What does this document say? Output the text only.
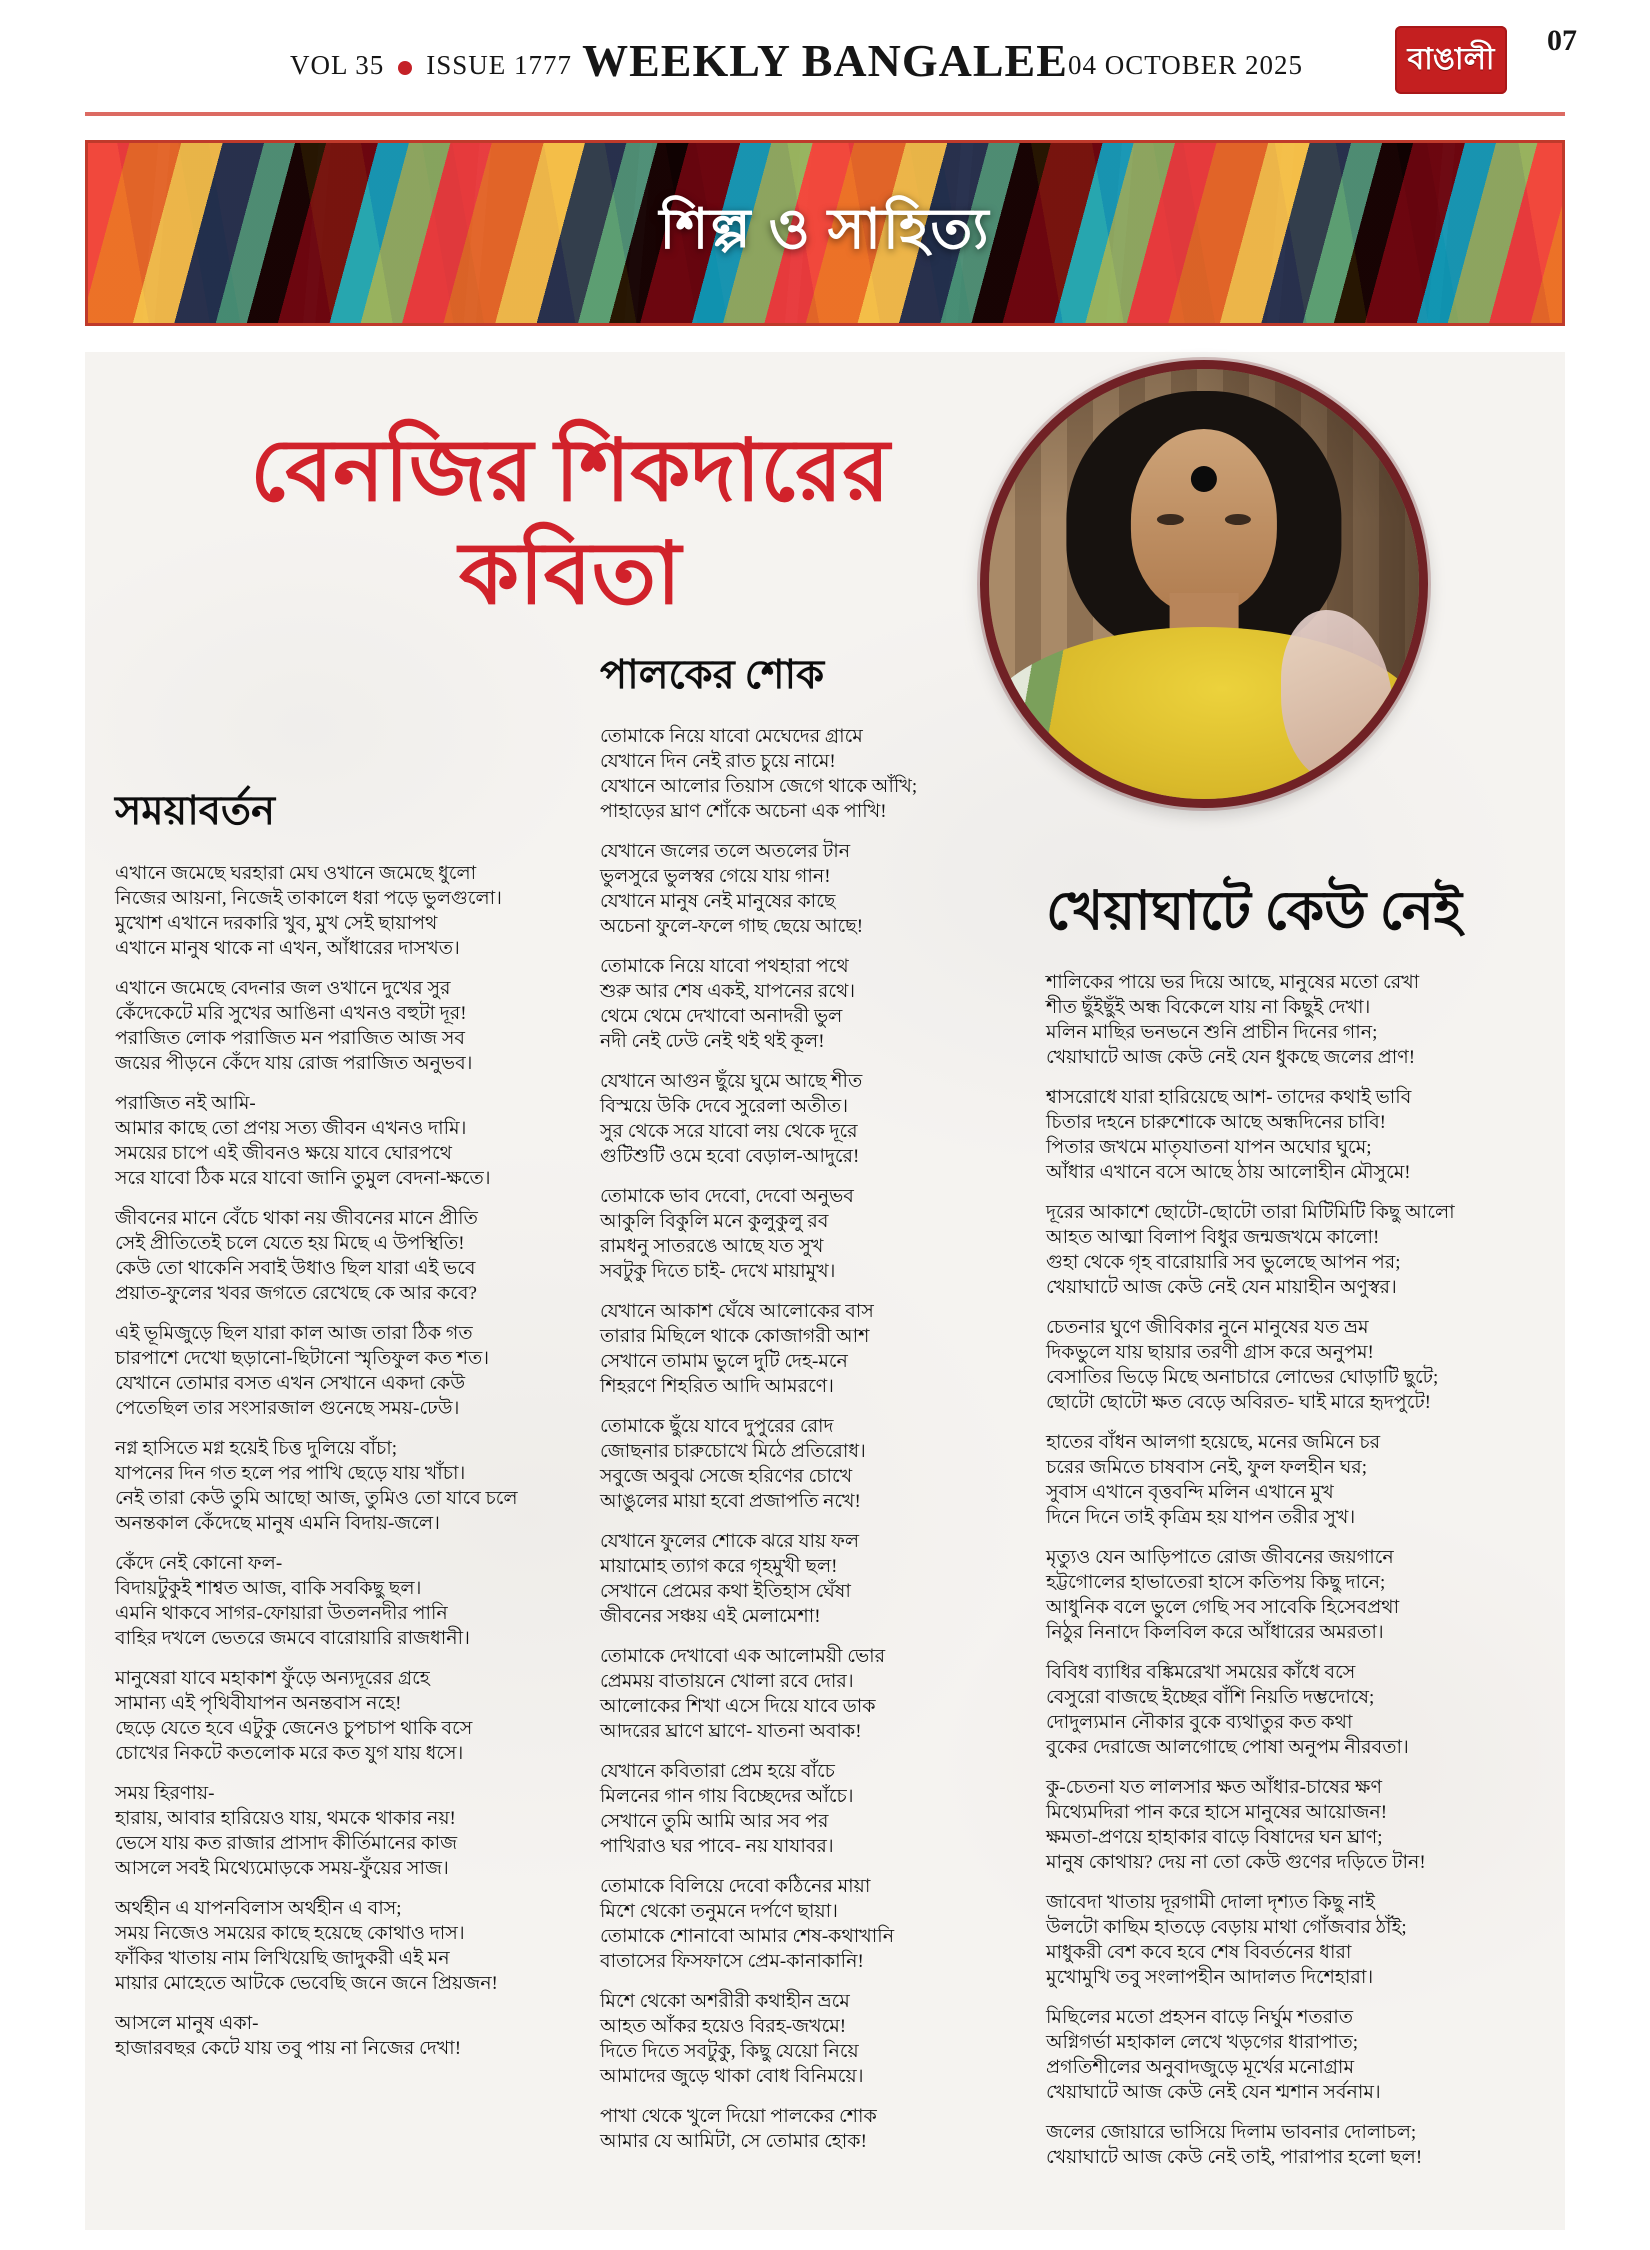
VOL 35 ISSUE 1777 WEEKLY BANGALEE 04 OCTOBER 2025	বাঙালী
07
শিল্প ও সাহিত্য
বেনজির শিকদারের কবিতা
সময়াবর্তন
এখানে জমেছে ঘরহারা মেঘ ওখানে জমেছে ধুলো
নিজের আয়না, নিজেই তাকালে ধরা পড়ে ভুলগুলো।
মুখোশ এখানে দরকারি খুব, মুখ সেই ছায়াপথ
এখানে মানুষ থাকে না এখন, আঁধারের দাসখত।
এখানে জমেছে বেদনার জল ওখানে দুখের সুর
কেঁদেকেটে মরি সুখের আঙিনা এখনও বহুটা দূর!
পরাজিত লোক পরাজিত মন পরাজিত আজ সব
জয়ের পীড়নে কেঁদে যায় রোজ পরাজিত অনুভব।
পরাজিত নই আমি-
আমার কাছে তো প্রণয় সত্য জীবন এখনও দামি।
সময়ের চাপে এই জীবনও ক্ষয়ে যাবে ঘোরপথে
সরে যাবো ঠিক মরে যাবো জানি তুমুল বেদনা-ক্ষতে।
জীবনের মানে বেঁচে থাকা নয় জীবনের মানে প্রীতি
সেই প্রীতিতেই চলে যেতে হয় মিছে এ উপস্থিতি!
কেউ তো থাকেনি সবাই উধাও ছিল যারা এই ভবে
প্রয়াত-ফুলের খবর জগতে রেখেছে কে আর কবে?
এই ভূমিজুড়ে ছিল যারা কাল আজ তারা ঠিক গত
চারপাশে দেখো ছড়ানো-ছিটানো স্মৃতিফুল কত শত।
যেখানে তোমার বসত এখন সেখানে একদা কেউ
পেতেছিল তার সংসারজাল গুনেছে সময়-ঢেউ।
নগ্ন হাসিতে মগ্ন হয়েই চিত্ত দুলিয়ে বাঁচা;
যাপনের দিন গত হলে পর পাখি ছেড়ে যায় খাঁচা।
নেই তারা কেউ তুমি আছো আজ, তুমিও তো যাবে চলে
অনন্তকাল কেঁদেছে মানুষ এমনি বিদায়-জলে।
কেঁদে নেই কোনো ফল-
বিদায়টুকুই শাশ্বত আজ, বাকি সবকিছু ছল।
এমনি থাকবে সাগর-ফোয়ারা উতলনদীর পানি
বাহির দখলে ভেতরে জমবে বারোয়ারি রাজধানী।
মানুষেরা যাবে মহাকাশ ফুঁড়ে অন্যদূরের গ্রহে
সামান্য এই পৃথিবীযাপন অনন্তবাস নহে!
ছেড়ে যেতে হবে এটুকু জেনেও চুপচাপ থাকি বসে
চোখের নিকটে কতলোক মরে কত যুগ যায় ধসে।
সময় হিরণায়-
হারায়, আবার হারিয়েও যায়, থমকে থাকার নয়!
ভেসে যায় কত রাজার প্রাসাদ কীর্তিমানের কাজ
আসলে সবই মিথ্যেমোড়কে সময়-ফুঁয়ের সাজ।
অর্থহীন এ যাপনবিলাস অর্থহীন এ বাস;
সময় নিজেও সময়ের কাছে হয়েছে কোথাও দাস।
ফাঁকির খাতায় নাম লিখিয়েছি জাদুকরী এই মন
মায়ার মোহেতে আটকে ভেবেছি জনে জনে প্রিয়জন!
আসলে মানুষ একা-
হাজারবছর কেটে যায় তবু পায় না নিজের দেখা!
পালকের শোক
তোমাকে নিয়ে যাবো মেঘেদের গ্রামে
যেখানে দিন নেই রাত চুয়ে নামে!
যেখানে আলোর তিয়াস জেগে থাকে আঁখি;
পাহাড়ের ঘ্রাণ শোঁকে অচেনা এক পাখি!
যেখানে জলের তলে অতলের টান
ভুলসুরে ভুলস্বর গেয়ে যায় গান!
যেখানে মানুষ নেই মানুষের কাছে
অচেনা ফুলে-ফলে গাছ ছেয়ে আছে!
তোমাকে নিয়ে যাবো পথহারা পথে
শুরু আর শেষ একই, যাপনের রথে।
থেমে থেমে দেখাবো অনাদরী ভুল
নদী নেই ঢেউ নেই থই থই কূল!
যেখানে আগুন ছুঁয়ে ঘুমে আছে শীত
বিস্ময়ে উকি দেবে সুরেলা অতীত।
সুর থেকে সরে যাবো লয় থেকে দূরে
গুটিশুটি ওমে হবো বেড়াল-আদুরে!
তোমাকে ভাব দেবো, দেবো অনুভব
আকুলি বিকুলি মনে কুলুকুলু রব
রামধনু সাতরঙে আছে যত সুখ
সবটুকু দিতে চাই- দেখে মায়ামুখ।
যেখানে আকাশ ঘেঁষে আলোকের বাস
তারার মিছিলে থাকে কোজাগরী আশ
সেখানে তামাম ভুলে দুটি দেহ-মনে
শিহরণে শিহরিত আদি আমরণে।
তোমাকে ছুঁয়ে যাবে দুপুরের রোদ
জোছনার চারুচোখে মিঠে প্রতিরোধ।
সবুজে অবুঝ সেজে হরিণের চোখে
আঙুলের মায়া হবো প্রজাপতি নখে!
যেখানে ফুলের শোকে ঝরে যায় ফল
মায়ামোহ ত্যাগ করে গৃহমুখী ছল!
সেখানে প্রেমের কথা ইতিহাস ঘেঁষা
জীবনের সঞ্চয় এই মেলামেশা!
তোমাকে দেখাবো এক আলোময়ী ভোর
প্রেমময় বাতায়নে খোলা রবে দোর।
আলোকের শিখা এসে দিয়ে যাবে ডাক
আদরের ঘ্রাণে ঘ্রাণে- যাতনা অবাক!
যেখানে কবিতারা প্রেম হয়ে বাঁচে
মিলনের গান গায় বিচ্ছেদের আঁচে।
সেখানে তুমি আমি আর সব পর
পাখিরাও ঘর পাবে- নয় যাযাবর।
তোমাকে বিলিয়ে দেবো কঠিনের মায়া
মিশে থেকো তনুমনে দর্পণে ছায়া।
তোমাকে শোনাবো আমার শেষ-কথাখানি
বাতাসের ফিসফাসে প্রেম-কানাকানি!
মিশে থেকো অশরীরী কথাহীন ভ্রমে
আহত আঁকর হয়েও বিরহ-জখমে!
দিতে দিতে সবটুকু, কিছু যেয়ো নিয়ে
আমাদের জুড়ে থাকা বোধ বিনিময়ে।
পাখা থেকে খুলে দিয়ো পালকের শোক
আমার যে আমিটা, সে তোমার হোক!
খেয়াঘাটে কেউ নেই
শালিকের পায়ে ভর দিয়ে আছে, মানুষের মতো রেখা
শীত ছুঁইছুঁই অন্ধ বিকেলে যায় না কিছুই দেখা।
মলিন মাছির ভনভনে শুনি প্রাচীন দিনের গান;
খেয়াঘাটে আজ কেউ নেই যেন ধুকছে জলের প্রাণ!
শ্বাসরোধে যারা হারিয়েছে আশ- তাদের কথাই ভাবি
চিতার দহনে চারুশোকে আছে অন্ধদিনের চাবি!
পিতার জখমে মাতৃযাতনা যাপন অঘোর ঘুমে;
আঁধার এখানে বসে আছে ঠায় আলোহীন মৌসুমে!
দূরের আকাশে ছোটো-ছোটো তারা মিটিমিটি কিছু আলো
আহত আত্মা বিলাপ বিধুর জন্মজখমে কালো!
গুহা থেকে গৃহ বারোয়ারি সব ভুলেছে আপন পর;
খেয়াঘাটে আজ কেউ নেই যেন মায়াহীন অণুস্বর।
চেতনার ঘুণে জীবিকার নুনে মানুষের যত ভ্রম
দিকভুলে যায় ছায়ার তরণী গ্রাস করে অনুপম!
বেসাতির ভিড়ে মিছে অনাচারে লোভের ঘোড়াটি ছুটে;
ছোটো ছোটো ক্ষত বেড়ে অবিরত- ঘাই মারে হৃদপুটে!
হাতের বাঁধন আলগা হয়েছে, মনের জমিনে চর
চরের জমিতে চাষবাস নেই, ফুল ফলহীন ঘর;
সুবাস এখানে বৃত্তবন্দি মলিন এখানে মুখ
দিনে দিনে তাই কৃত্রিম হয় যাপন তরীর সুখ।
মৃত্যুও যেন আড়িপাতে রোজ জীবনের জয়গানে
হট্টগোলের হাভাতেরা হাসে কতিপয় কিছু দানে;
আধুনিক বলে ভুলে গেছি সব সাবেকি হিসেবপ্রথা
নিঠুর নিনাদে কিলবিল করে আঁধারের অমরতা।
বিবিধ ব্যাধির বঙ্কিমরেখা সময়ের কাঁধে বসে
বেসুরো বাজছে ইচ্ছের বাঁশি নিয়তি দম্ভদোষে;
দোদুল্যমান নৌকার বুকে ব্যথাতুর কত কথা
বুকের দেরাজে আলগোছে পোষা অনুপম নীরবতা।
কু-চেতনা যত লালসার ক্ষত আঁধার-চাষের ক্ষণ
মিথ্যেমদিরা পান করে হাসে মানুষের আয়োজন!
ক্ষমতা-প্রণয়ে হাহাকার বাড়ে বিষাদের ঘন ঘ্রাণ;
মানুষ কোথায়? দেয় না তো কেউ গুণের দড়িতে টান!
জাবেদা খাতায় দূরগামী দোলা দৃশ্যত কিছু নাই
উলটো কাছিম হাতড়ে বেড়ায় মাথা গোঁজবার ঠাঁই;
মাধুকরী বেশ কবে হবে শেষ বিবর্তনের ধারা
মুখোমুখি তবু সংলাপহীন আদালত দিশেহারা।
মিছিলের মতো প্রহসন বাড়ে নির্ঘুম শতরাত
অগ্নিগর্ভা মহাকাল লেখে খড়গের ধারাপাত;
প্রগতিশীলের অনুবাদজুড়ে মূর্খের মনোগ্রাম
খেয়াঘাটে আজ কেউ নেই যেন শ্মশান সর্বনাম।
জলের জোয়ারে ভাসিয়ে দিলাম ভাবনার দোলাচল;
খেয়াঘাটে আজ কেউ নেই তাই, পারাপার হলো ছল!
